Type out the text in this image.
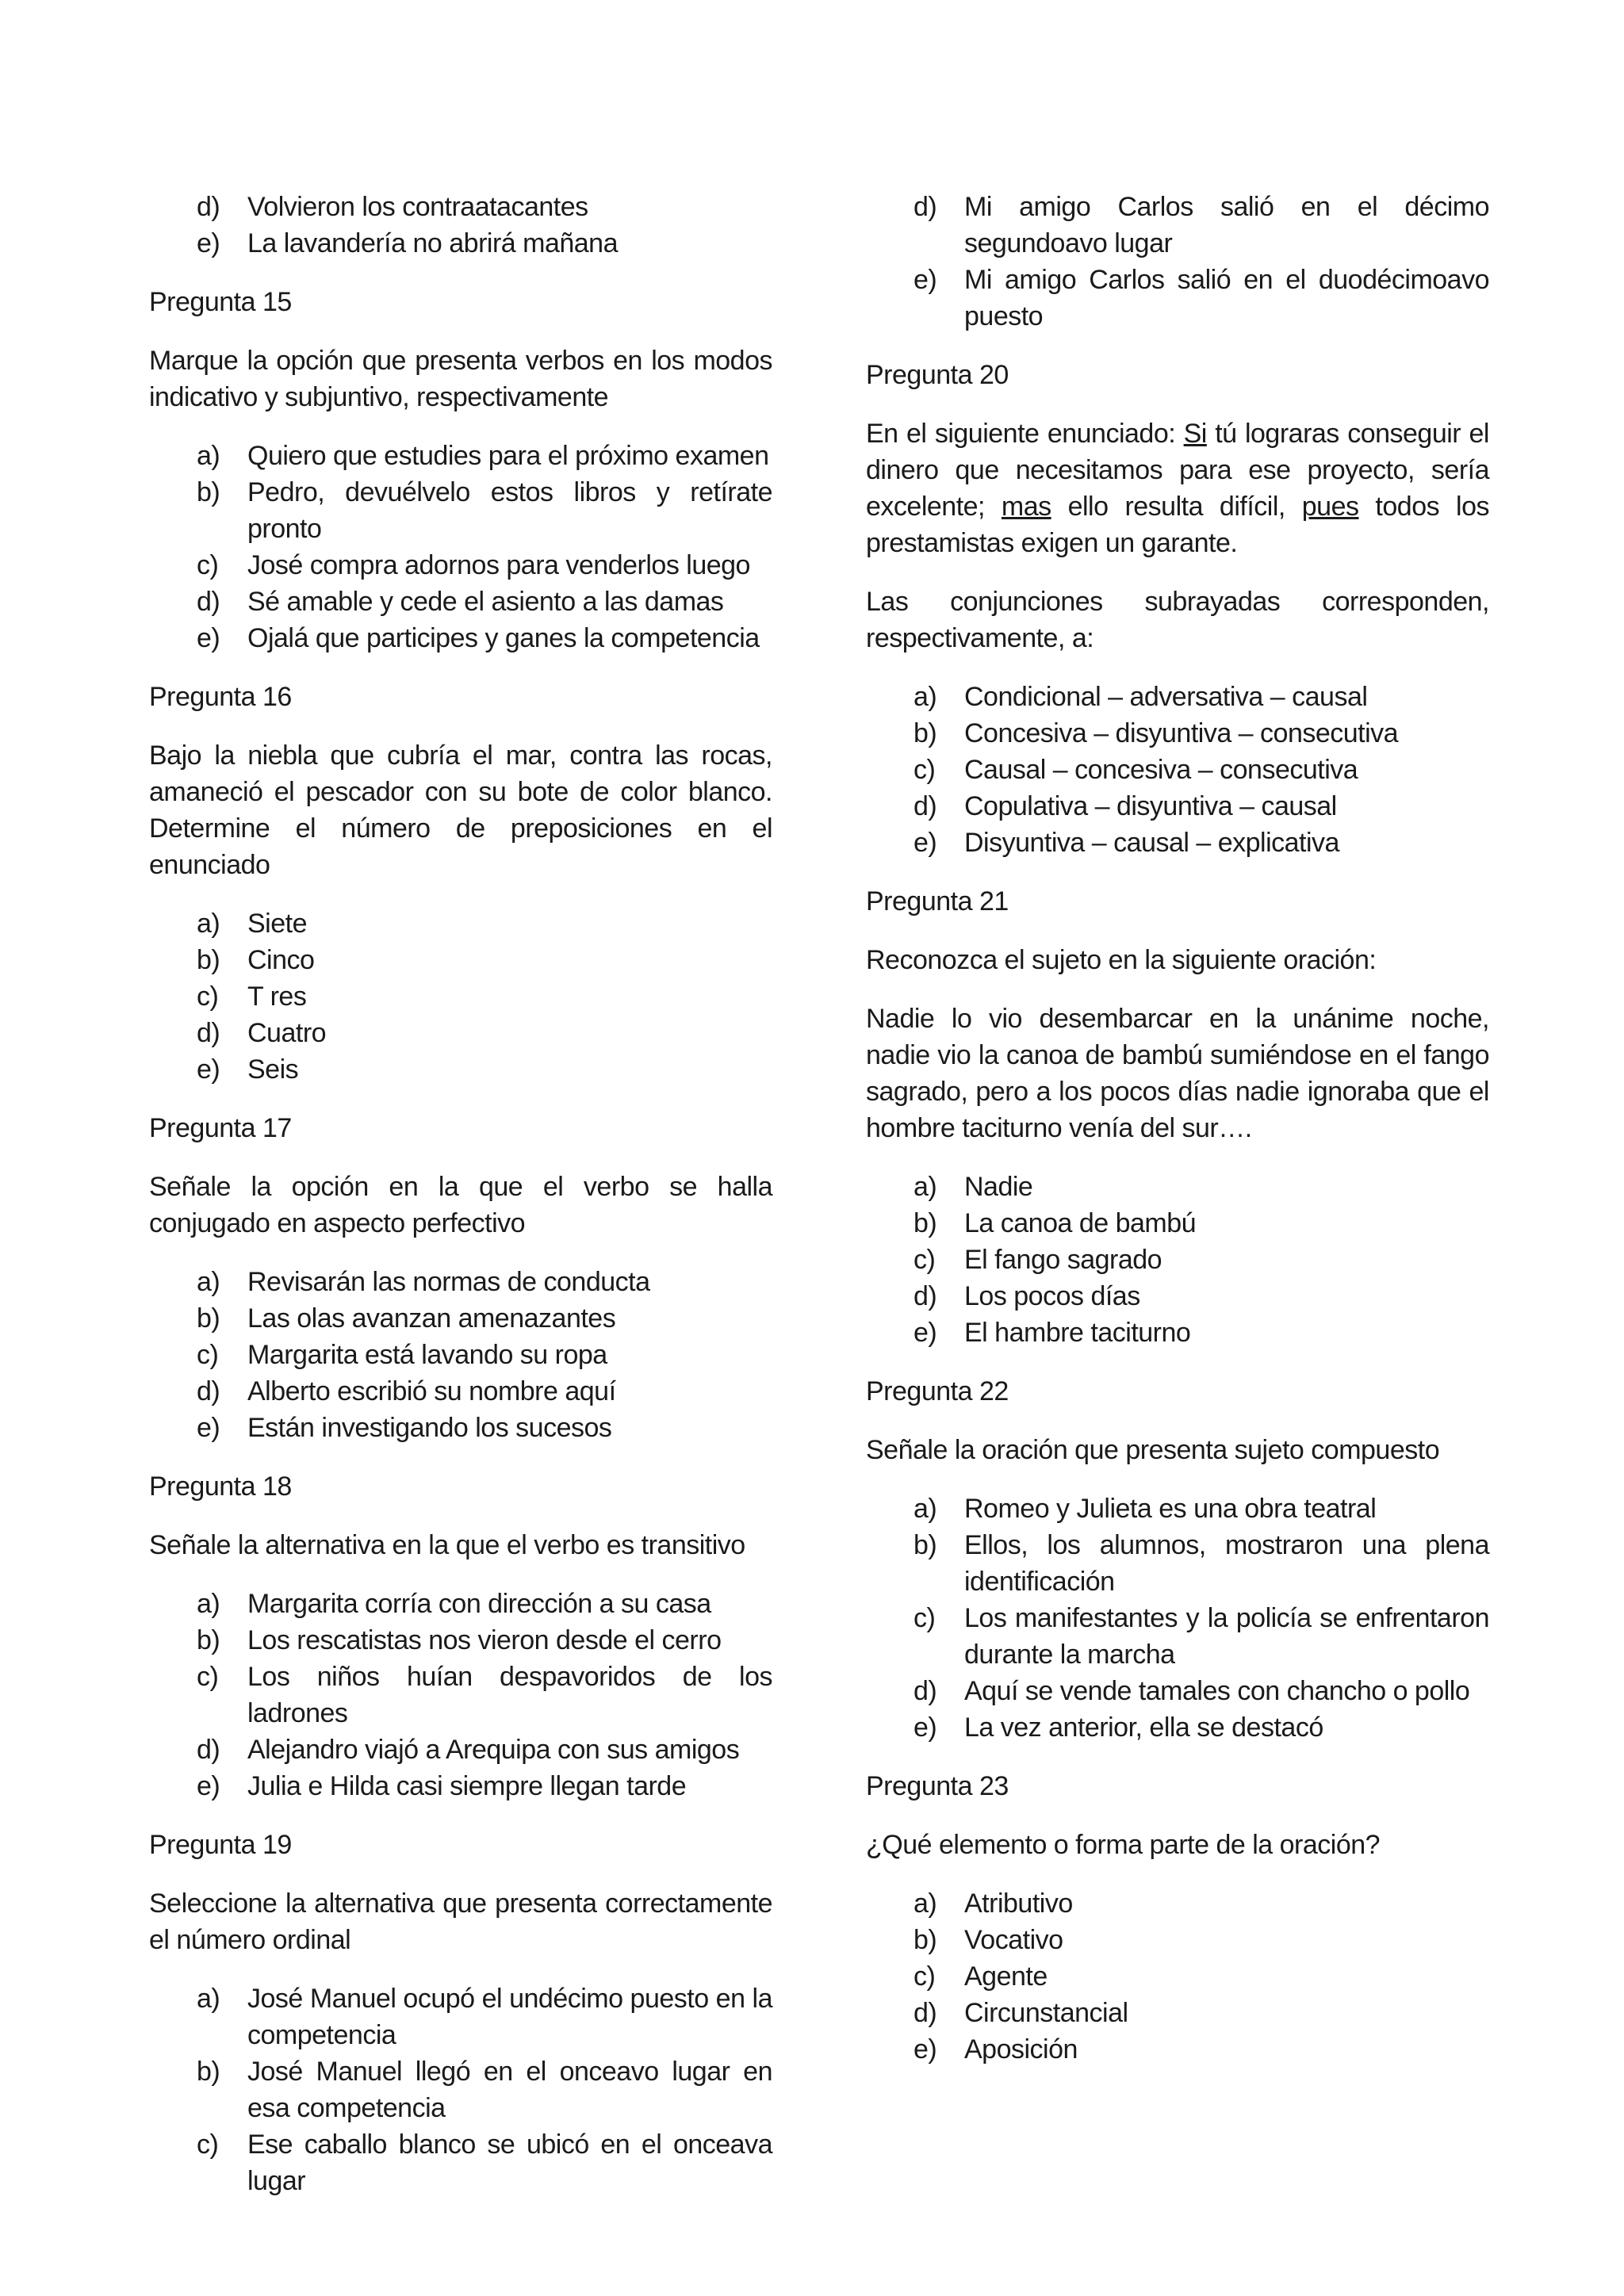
d) Volvieron los contraatacantes
e) La lavandería no abrirá mañana

Pregunta 15

Marque la opción que presenta verbos en los modos indicativo y subjuntivo, respectivamente

a) Quiero que estudies para el próximo examen
b) Pedro, devuélvelo estos libros y retírate pronto
c) José compra adornos para venderlos luego
d) Sé amable y cede el asiento a las damas
e) Ojalá que participes y ganes la competencia

Pregunta 16

Bajo la niebla que cubría el mar, contra las rocas, amaneció el pescador con su bote de color blanco. Determine el número de preposiciones en el enunciado

a) Siete
b) Cinco
c) T res
d) Cuatro
e) Seis

Pregunta 17

Señale la opción en la que el verbo se halla conjugado en aspecto perfectivo

a) Revisarán las normas de conducta
b) Las olas avanzan amenazantes
c) Margarita está lavando su ropa
d) Alberto escribió su nombre aquí
e) Están investigando los sucesos

Pregunta 18

Señale la alternativa en la que el verbo es transitivo

a) Margarita corría con dirección a su casa
b) Los rescatistas nos vieron desde el cerro
c) Los niños huían despavoridos de los ladrones
d) Alejandro viajó a Arequipa con sus amigos
e) Julia e Hilda casi siempre llegan tarde

Pregunta 19

Seleccione la alternativa que presenta correctamente el número ordinal

a) José Manuel ocupó el undécimo puesto en la competencia
b) José Manuel llegó en el onceavo lugar en esa competencia
c) Ese caballo blanco se ubicó en el onceava lugar
d) Mi amigo Carlos salió en el décimo segundoavo lugar
e) Mi amigo Carlos salió en el duodécimoavo puesto

Pregunta 20

En el siguiente enunciado: Si tú lograras conseguir el dinero que necesitamos para ese proyecto, sería excelente; mas ello resulta difícil, pues todos los prestamistas exigen un garante.

Las conjunciones subrayadas corresponden, respectivamente, a:

a) Condicional – adversativa – causal
b) Concesiva – disyuntiva – consecutiva
c) Causal – concesiva – consecutiva
d) Copulativa – disyuntiva – causal
e) Disyuntiva – causal – explicativa

Pregunta 21

Reconozca el sujeto en la siguiente oración:

Nadie lo vio desembarcar en la unánime noche, nadie vio la canoa de bambú sumiéndose en el fango sagrado, pero a los pocos días nadie ignoraba que el hombre taciturno venía del sur….

a) Nadie
b) La canoa de bambú
c) El fango sagrado
d) Los pocos días
e) El hambre taciturno

Pregunta 22

Señale la oración que presenta sujeto compuesto

a) Romeo y Julieta es una obra teatral
b) Ellos, los alumnos, mostraron una plena identificación
c) Los manifestantes y la policía se enfrentaron durante la marcha
d) Aquí se vende tamales con chancho o pollo
e) La vez anterior, ella se destacó

Pregunta 23

¿Qué elemento o forma parte de la oración?

a) Atributivo
b) Vocativo
c) Agente
d) Circunstancial
e) Aposición
